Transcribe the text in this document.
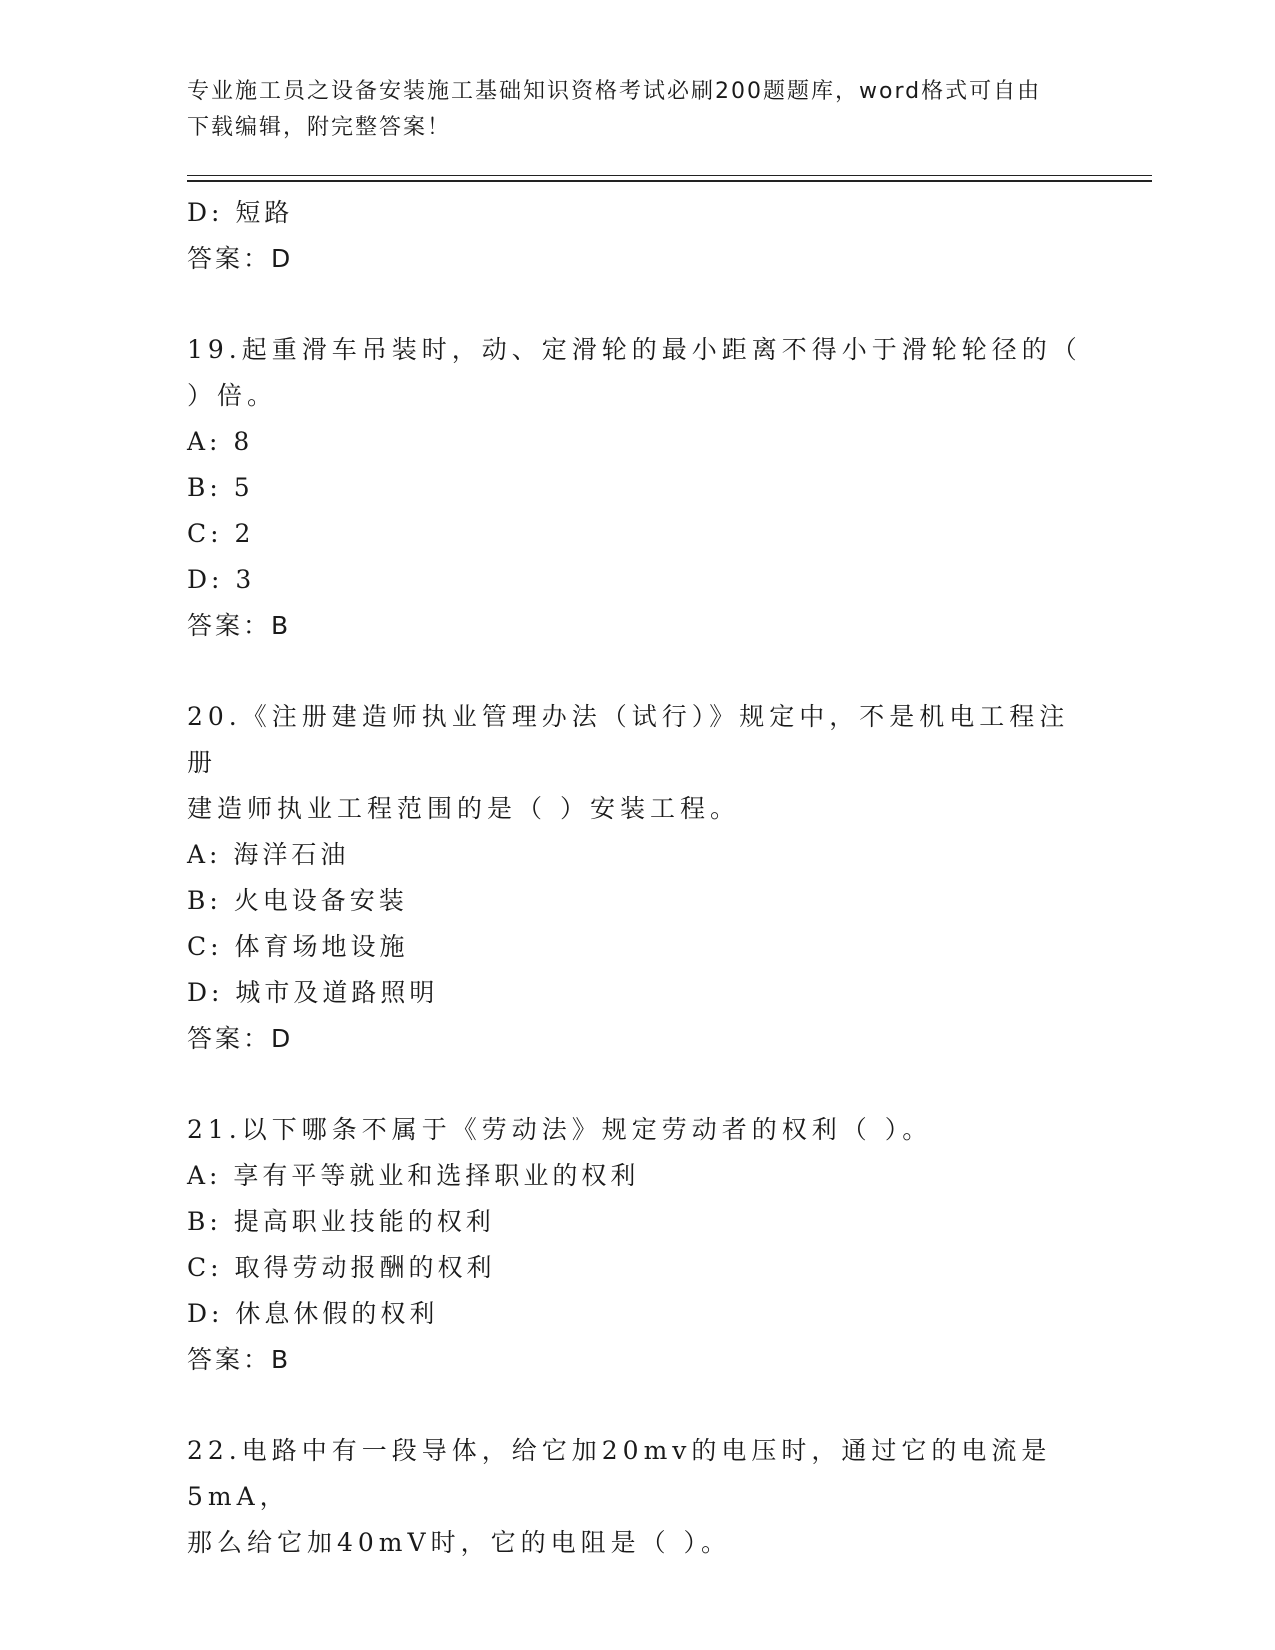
专业施工员之设备安装施工基础知识资格考试必刷200题题库，word格式可自由
下载编辑，附完整答案！
D: 短路
答案：D
19.起重滑车吊装时，动、定滑轮的最小距离不得小于滑轮轮径的（
）倍。
A: 8
B: 5
C: 2
D: 3
答案：B
20.《注册建造师执业管理办法（试行）》规定中，不是机电工程注册
建造师执业工程范围的是（ ）安装工程。
A: 海洋石油
B: 火电设备安装
C: 体育场地设施
D: 城市及道路照明
答案：D
21.以下哪条不属于《劳动法》规定劳动者的权利（ ）。
A: 享有平等就业和选择职业的权利
B: 提高职业技能的权利
C: 取得劳动报酬的权利
D: 休息休假的权利
答案：B
22.电路中有一段导体，给它加20mv的电压时，通过它的电流是5mA，
那么给它加40mV时，它的电阻是（ ）。
